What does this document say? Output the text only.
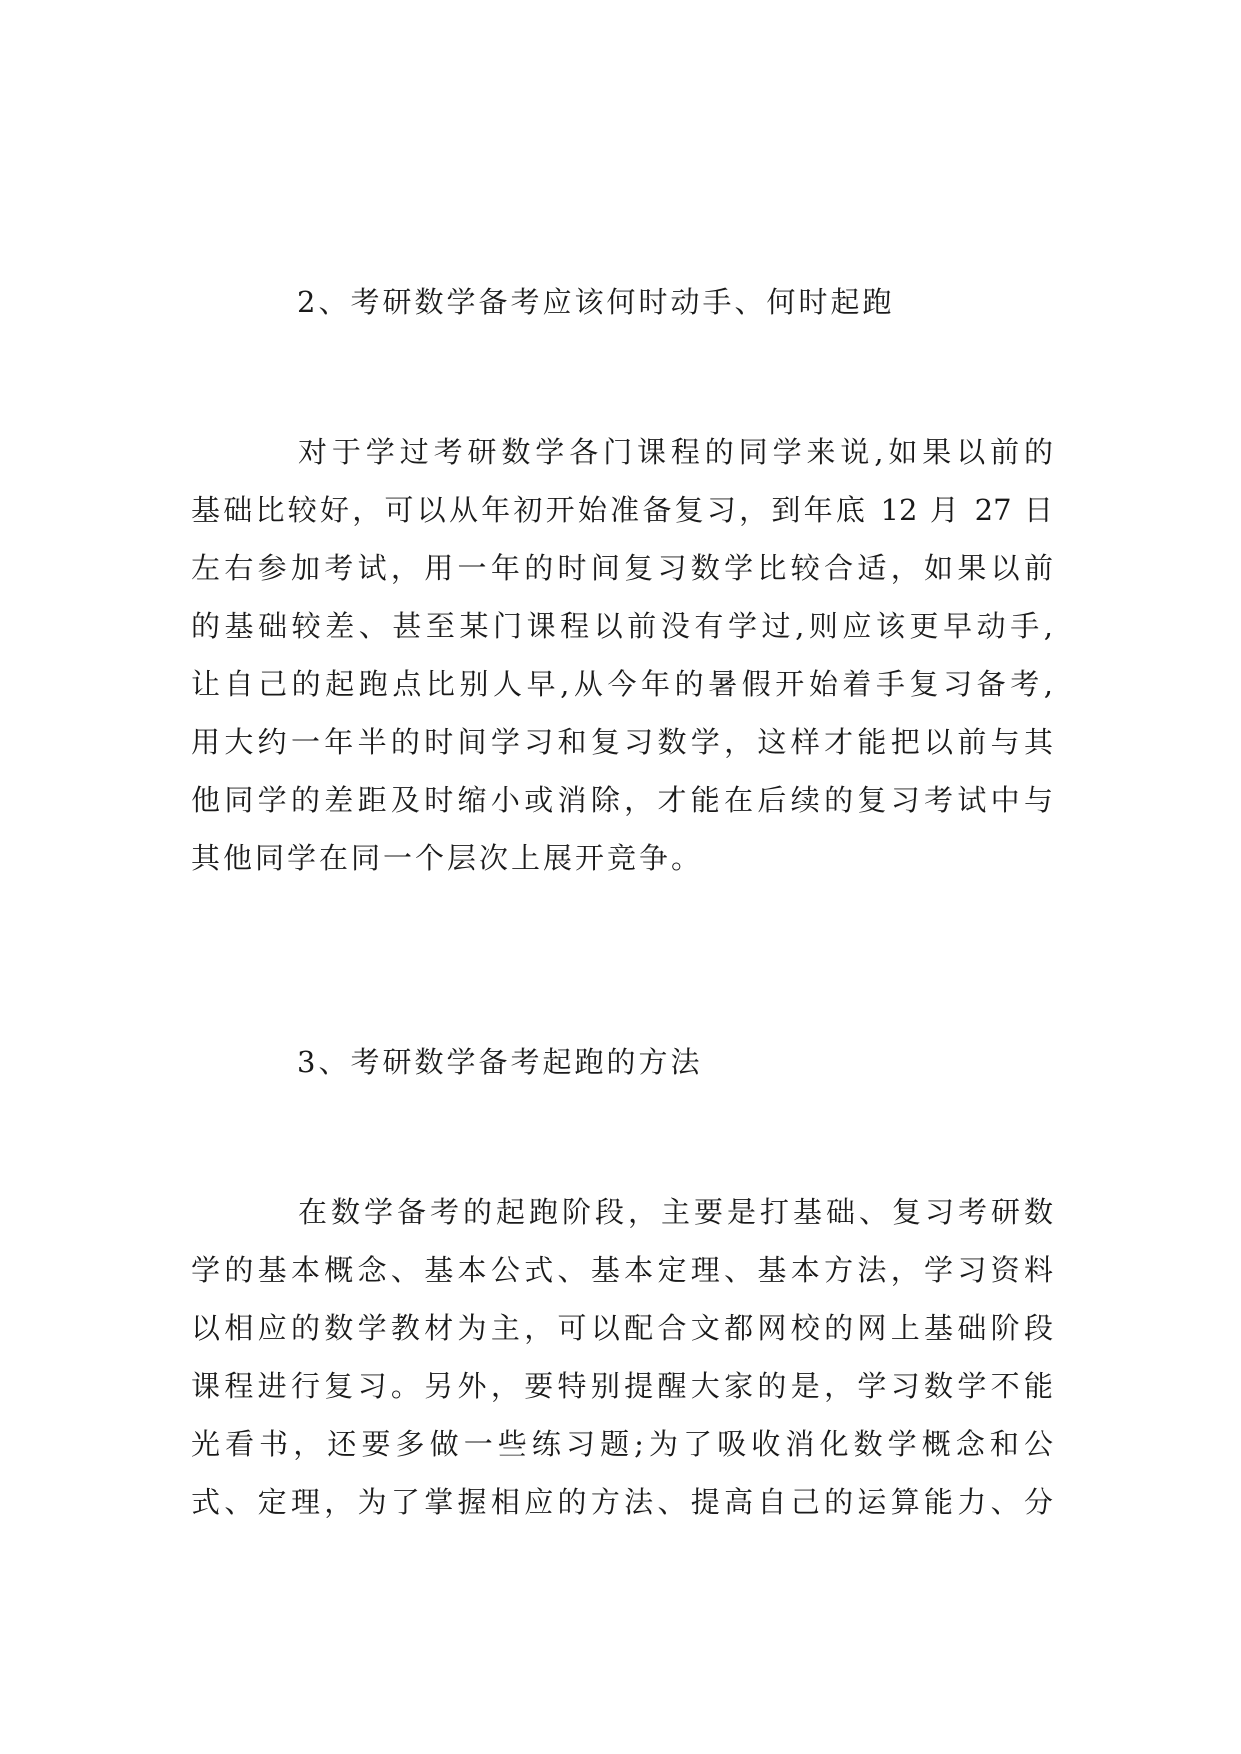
2、考研数学备考应该何时动手、何时起跑
对于学过考研数学各门课程的同学来说,如果以前的
基础比较好，可以从年初开始准备复习，到年底 12 月 27 日
左右参加考试，用一年的时间复习数学比较合适，如果以前
的基础较差、甚至某门课程以前没有学过,则应该更早动手,
让自己的起跑点比别人早,从今年的暑假开始着手复习备考,
用大约一年半的时间学习和复习数学，这样才能把以前与其
他同学的差距及时缩小或消除，才能在后续的复习考试中与
其他同学在同一个层次上展开竞争。
3、考研数学备考起跑的方法
在数学备考的起跑阶段，主要是打基础、复习考研数
学的基本概念、基本公式、基本定理、基本方法，学习资料
以相应的数学教材为主，可以配合文都网校的网上基础阶段
课程进行复习。另外，要特别提醒大家的是，学习数学不能
光看书，还要多做一些练习题;为了吸收消化数学概念和公
式、定理，为了掌握相应的方法、提高自己的运算能力、分
